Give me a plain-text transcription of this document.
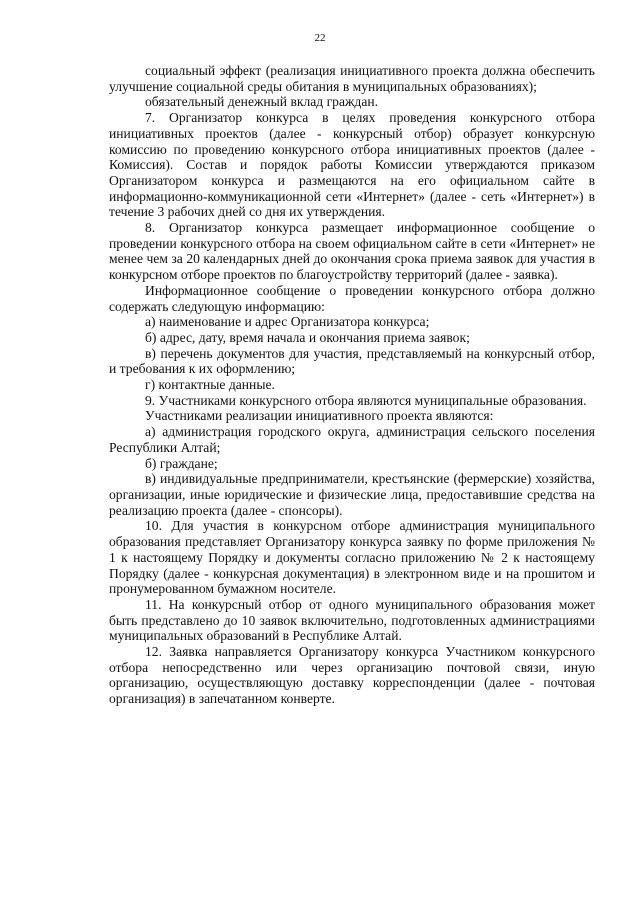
22

социальный эффект (реализация инициативного проекта должна обеспечить улучшение социальной среды обитания в муниципальных образованиях);

обязательный денежный вклад граждан.

7. Организатор конкурса в целях проведения конкурсного отбора инициативных проектов (далее - конкурсный отбор) образует конкурсную комиссию по проведению конкурсного отбора инициативных проектов (далее - Комиссия). Состав и порядок работы Комиссии утверждаются приказом Организатором конкурса и размещаются на его официальном сайте в информационно-коммуникационной сети «Интернет» (далее - сеть «Интернет») в течение 3 рабочих дней со дня их утверждения.

8. Организатор конкурса размещает информационное сообщение о проведении конкурсного отбора на своем официальном сайте в сети «Интернет» не менее чем за 20 календарных дней до окончания срока приема заявок для участия в конкурсном отборе проектов по благоустройству территорий (далее - заявка).

Информационное сообщение о проведении конкурсного отбора должно содержать следующую информацию:

а) наименование и адрес Организатора конкурса;

б) адрес, дату, время начала и окончания приема заявок;

в) перечень документов для участия, представляемый на конкурсный отбор, и требования к их оформлению;

г) контактные данные.

9. Участниками конкурсного отбора являются муниципальные образования.

Участниками реализации инициативного проекта являются:

а) администрация городского округа, администрация сельского поселения Республики Алтай;

б) граждане;

в) индивидуальные предприниматели, крестьянские (фермерские) хозяйства, организации, иные юридические и физические лица, предоставившие средства на реализацию проекта (далее - спонсоры).

10. Для участия в конкурсном отборе администрация муниципального образования представляет Организатору конкурса заявку по форме приложения № 1 к настоящему Порядку и документы согласно приложению № 2 к настоящему Порядку (далее - конкурсная документация) в электронном виде и на прошитом и пронумерованном бумажном носителе.

11. На конкурсный отбор от одного муниципального образования может быть представлено до 10 заявок включительно, подготовленных администрациями муниципальных образований в Республике Алтай.

12. Заявка направляется Организатору конкурса Участником конкурсного отбора непосредственно или через организацию почтовой связи, иную организацию, осуществляющую доставку корреспонденции (далее - почтовая организация) в запечатанном конверте.
